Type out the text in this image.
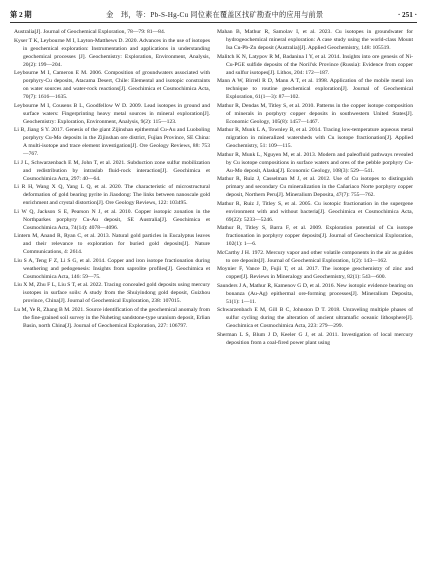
第 2 期	金　玮，等：Pb-S-Hg-Cu 同位素在覆盖区找矿勘查中的应用与前景	· 251 ·

Australia[J]. Journal of Geochemical Exploration, 78—79: 81—84.

Kyser T K, Leybourne M I, Layton-Matthews D. 2020. Advances in the use of isotopes in geochemical exploration: Instrumentation and applications in understanding geochemical processes [J]. Geochemistry: Exploration, Environment, Analysis, 20(2): 199—204.

Leybourne M I, Cameron E M. 2006. Composition of groundwaters associated with porphyry-Cu deposits, Atacama Desert, Chile: Elemental and isotopic constraints on water sources and water-rock reactions[J]. Geochimica et Cosmochimica Acta, 70(7): 1616—1635.

Leybourne M I, Cousens B L, Goodfellow W D. 2009. Lead isotopes in ground and surface waters: Fingerprinting heavy metal sources in mineral exploration[J]. Geochemistry: Exploration, Environment, Analysis, 9(2): 115—123.

Li B, Jiang S Y. 2017. Genesis of the giant Zijinshan epithermal Cu-Au and Luoboling porphyry Cu-Mo deposits in the Zijinshan ore district, Fujian Province, SE China: A multi-isotope and trace element investigation[J]. Ore Geology Reviews, 88: 753—767.

Li J L, Schwarzenbach E M, John T, et al. 2021. Subduction zone sulfur mobilization and redistribution by intraslab fluid-rock interaction[J]. Geochimica et Cosmochimica Acta, 297: 40—64.

Li R H, Wang X Q, Yang L Q, et al. 2020. The characteristic of microstructural deformation of gold bearing pyrite in Jiaodong: The links between nanoscale gold enrichment and crystal distortion[J]. Ore Geology Reviews, 122: 103495.

Li W Q, Jackson S E, Pearson N J, et al. 2010. Copper isotopic zonation in the Northparkes porphyry Cu-Au deposit, SE Australia[J]. Geochimica et Cosmochimica Acta, 74(14): 4078—4096.

Lintern M, Anand R, Ryan C, et al. 2013. Natural gold particles in Eucalyptus leaves and their relevance to exploration for buried gold deposits[J]. Nature Communications, 4: 2614.

Liu S A, Teng F Z, Li S G, et al. 2014. Copper and iron isotope fractionation during weathering and pedogenesis: Insights from saprolite profiles[J]. Geochimica et Cosmochimica Acta, 146: 59—75.

Liu X M, Zhu F L, Liu S T, et al. 2022. Tracing concealed gold deposits using mercury isotopes in surface soils: A study from the Shuiyindong gold deposit, Guizhou province, China[J]. Journal of Geochemical Exploration, 238: 107015.

Lu M, Ye R, Zhang B M. 2021. Source identification of the geochemical anomaly from the fine-grained soil survey in the Nuheting sandstone-type uranium deposit, Erlian Basin, north China[J]. Journal of Geochemical Exploration, 227: 106797.

Mahan B, Mathur R, Samolav I, et al. 2023. Cu isotopes in groundwater for hydrogeochemical mineral exploration: A case study using the world-class Mount Isa Cu-Pb-Zn deposit (Australia)[J]. Applied Geochemistry, 148: 105519.

Malitch K N, Latypov R M, Badanina I Y, et al. 2014. Insights into ore genesis of Ni-Cu-PGE sulfide deposits of the Noril'sk Province (Russia): Evidence from copper and sulfur isotopes[J]. Lithos, 204: 172—187.

Mann A W, Birrell R D, Mann A T, et al. 1998. Application of the mobile metal ion technique to routine geochemical exploration[J]. Journal of Geochemical Exploration, 61(1—3): 87—102.

Mathur R, Dendas M, Titley S, et al. 2010. Patterns in the copper isotope composition of minerals in porphyry copper deposits in southwestern United States[J]. Economic Geology, 105(8): 1457—1467.

Mathur R, Munk L A, Townley B, et al. 2014. Tracing low-temperature aqueous metal migration in mineralized watersheds with Cu isotope fractionation[J]. Applied Geochemistry, 51: 109—115.

Mathur R, Munk L, Nguyen M, et al. 2013. Modern and paleofluid pathways revealed by Cu isotope compositions in surface waters and ores of the pebble porphyry Cu-Au-Mo deposit, Alaska[J]. Economic Geology, 108(3): 529—541.

Mathur R, Ruiz J, Casselman M J, et al. 2012. Use of Cu isotopes to distinguish primary and secondary Cu mineralization in the Cañariaco Norte porphyry copper deposit, Northern Peru[J]. Mineralium Deposita, 47(7): 755—762.

Mathur R, Ruiz J, Titley S, et al. 2005. Cu isotopic fractionation in the supergene environment with and without bacteria[J]. Geochimica et Cosmochimica Acta, 69(22): 5233—5246.

Mathur R, Titley S, Barra F, et al. 2009. Exploration potential of Cu isotope fractionation in porphyry copper deposits[J]. Journal of Geochemical Exploration, 102(1): 1—6.

McCarthy J H. 1972. Mercury vapor and other volatile components in the air as guides to ore deposits[J]. Journal of Geochemical Exploration, 1(2): 143—162.

Moynier F, Vance D, Fujii T, et al. 2017. The isotope geochemistry of zinc and copper[J]. Reviews in Mineralogy and Geochemistry, 82(1): 543—600.

Saunders J A, Mathur R, Kamenov G D, et al. 2016. New isotopic evidence bearing on bonanza (Au-Ag) epithermal ore-forming processes[J]. Mineralium Deposita, 51(1): 1—11.

Schwarzenbach E M, Gill B C, Johnston D T. 2018. Unraveling multiple phases of sulfur cycling during the alteration of ancient ultramafic oceanic lithosphere[J]. Geochimica et Cosmochimica Acta, 223: 279—299.

Sherman L S, Blum J D, Keeler G J, et al. 2011. Investigation of local mercury deposition from a coal-fired power plant using
